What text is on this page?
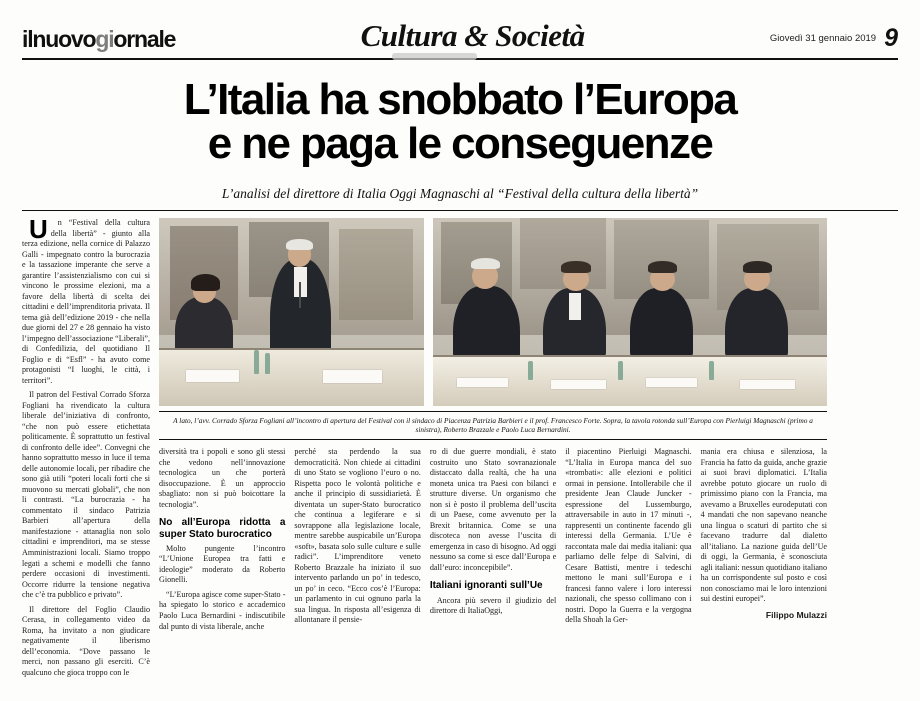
ilnuovogiornale	Cultura & Società	Giovedì 31 gennaio 2019 9
L’Italia ha snobbato l’Europa
e ne paga le conseguenze
L’analisi del direttore di Italia Oggi Magnaschi al “Festival della cultura della libertà”

U	n “Festival della cultura della libertà” - giunto alla terza edizione, nella cornice di Palazzo Galli - impegnato contro la burocrazia e la tassazione imperante che serve a garantire l’assistenzialismo con cui si vincono le prossime elezioni, ma a favore della libertà di scelta dei cittadini e dell’imprenditoria privata. Il tema già dell’edizione 2019 - che nella due giorni del 27 e 28 gennaio ha visto l’impegno dell’associazione “Liberali”, di Confedilizia, del quotidiano Il Foglio e di “Esfl” - ha avuto come protagonisti “I luoghi, le città, i territori”.

Il patron del Festival Corrado Sforza Fogliani ha rivendicato la cultura liberale del’iniziativa di confronto, “che non può essere etichettata politicamente. È soprattutto un festival di confronto delle idee”. Convegni che hanno soprattutto messo in luce il tema delle autonomie locali, per ribadire che sono già utili “poteri locali forti che si muovono su mercati globali”, che non li contrasti. “La burocrazia - ha commentato il sindaco Patrizia Barbieri all’apertura della manifestazione - attanaglia non solo cittadini e imprenditori, ma se stesse Amministrazioni locali. Siamo troppo legati a schemi e modelli che fanno perdere occasioni di investimenti. Occorre ridurre la tensione negativa che c’è tra pubblico e privato”.

Il direttore del Foglio Claudio Cerasa, in collegamento video da Roma, ha invitato a non giudicare negativamente il liberismo dell’economia. “Dove passano le merci, non passano gli eserciti. C’è qualcuno che gioca troppo con le

A lato, l’avv. Corrado Sforza Fogliani all’incontro di apertura del Festival con il sindaco di Piacenza Patrizia Barbieri e il prof. Francesco Forte. Sopra, la tavola rotonda sull’Europa con Pierluigi Magnaschi (primo a sinistra), Roberto Brazzale e Paolo Luca Bernardini.

diversità tra i popoli e sono gli stessi che vedono nell’innovazione tecnologica un che porterà disoccupazione. È un approccio sbagliato: non si può boicottare la tecnologia”.

No all’Europa ridotta a super Stato burocratico

Molto pungente l’incontro “L’Unione Europea tra fatti e ideologie” moderato da Roberto Gionelli.

“L’Europa agisce come super-Stato - ha spiegato lo storico e accademico Paolo Luca Bernardini - indiscutibile dal punto di vista liberale, anche

perché sta perdendo la sua democraticità. Non chiede ai cittadini di uno Stato se vogliono l’euro o no. Rispetta poco le volontà politiche e anche il principio di sussidiarietà. È diventata un super-Stato burocratico che continua a legiferare e si sovrappone alla legislazione locale, mentre sarebbe auspicabile un’Europa «soft», basata solo sulle culture e sulle radici”. L’imprenditore veneto Roberto Brazzale ha iniziato il suo intervento parlando un po’ in tedesco, un po’ in ceco. “Ecco cos’è l’Europa: un parlamento in cui ognuno parla la sua lingua. In risposta all’esigenza di allontanare il pensie-

ro di due guerre mondiali, è stato costruito uno Stato sovranazionale distaccato dalla realtà, che ha una moneta unica tra Paesi con bilanci e strutture diverse. Un organismo che non si è posto il problema dell’uscita di un Paese, come avvenuto per la Brexit britannica. Come se una discoteca non avesse l’uscita di emergenza in caso di bisogno. Ad oggi nessuno sa come si esce dall’Europa e dall’euro: inconcepibile”.

Italiani ignoranti sull’Ue

Ancora più severo il giudizio del direttore di ItaliaOggi,

il piacentino Pierluigi Magnaschi. “L’Italia in Europa manca del suo «trombati»: alle elezioni e politici ormai in pensione. Intollerabile che il presidente Jean Claude Juncker - espressione del Lussemburgo, attraversabile in auto in 17 minuti -, rappresenti un continente facendo gli interessi della Germania. L’Ue è raccontata male dai media italiani: qua parliamo delle felpe di Salvini, di Cesare Battisti, mentre i tedeschi mettono le mani sull’Europa e i francesi fanno valere i loro interessi nazionali, che spesso collimano con i nostri. Dopo la Guerra e la vergogna della Shoah la Ger-

mania era chiusa e silenziosa, la Francia ha fatto da guida, anche grazie ai suoi bravi diplomatici. L’Italia avrebbe potuto giocare un ruolo di primissimo piano con la Francia, ma avevamo a Bruxelles eurodeputati con 4 mandati che non sapevano neanche una lingua o scaturi di partito che si facevano tradurre dal dialetto all’italiano. La nazione guida dell’Ue di oggi, la Germania, è sconosciuta agli italiani: nessun quotidiano italiano ha un corrispondente sul posto e così non conosciamo mai le loro intenzioni sui destini europei”.

Filippo Mulazzi
